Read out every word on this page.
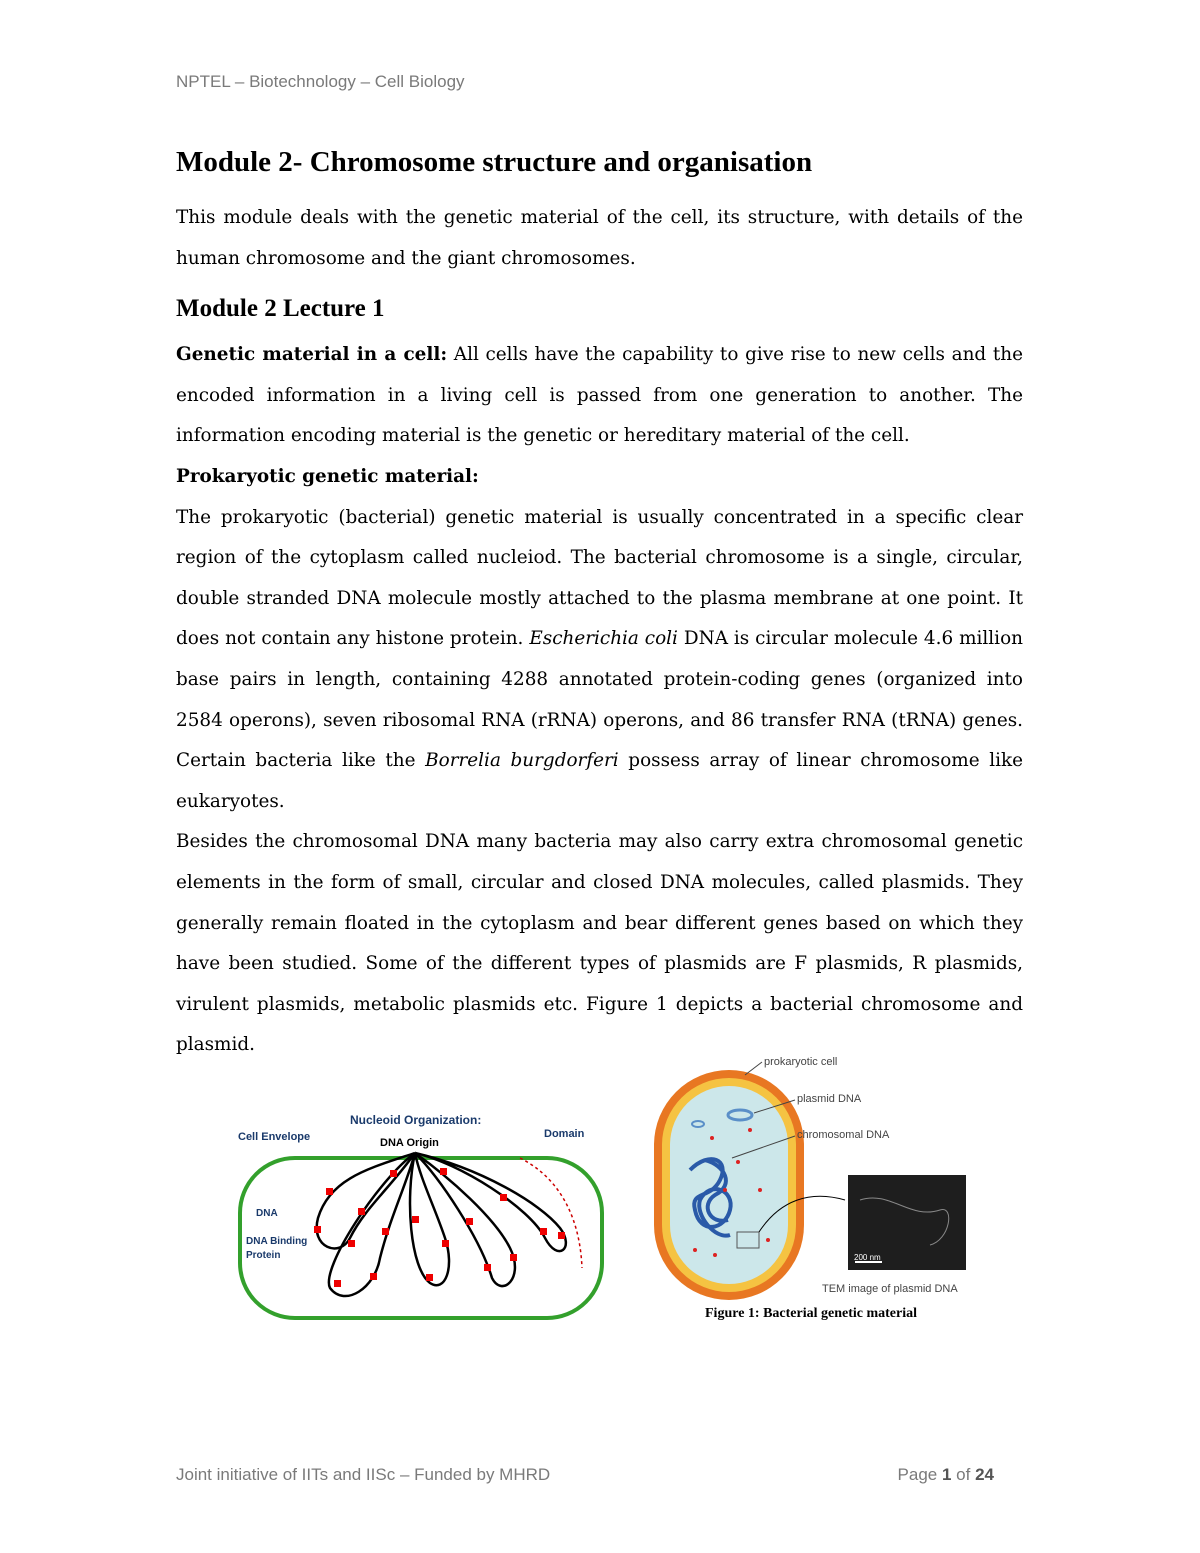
NPTEL – Biotechnology – Cell Biology
Module 2- Chromosome structure and organisation

This module deals with the genetic material of the cell, its structure, with details of the human chromosome and the giant chromosomes.

Module 2 Lecture 1

Genetic material in a cell: All cells have the capability to give rise to new cells and the encoded information in a living cell is passed from one generation to another. The information encoding material is the genetic or hereditary material of the cell.

Prokaryotic genetic material:

The prokaryotic (bacterial) genetic material is usually concentrated in a specific clear region of the cytoplasm called nucleiod. The bacterial chromosome is a single, circular, double stranded DNA molecule mostly attached to the plasma membrane at one point. It does not contain any histone protein. Escherichia coli DNA is circular molecule 4.6 million base pairs in length, containing 4288 annotated protein-coding genes (organized into 2584 operons), seven ribosomal RNA (rRNA) operons, and 86 transfer RNA (tRNA) genes. Certain bacteria like the Borrelia burgdorferi possess array of linear chromosome like eukaryotes.

Besides the chromosomal DNA many bacteria may also carry extra chromosomal genetic elements in the form of small, circular and closed DNA molecules, called plasmids. They generally remain floated in the cytoplasm and bear different genes based on which they have been studied. Some of the different types of plasmids are F plasmids, R plasmids, virulent plasmids, metabolic plasmids etc. Figure 1 depicts a bacterial chromosome and plasmid.

Nucleoid Organization:
Cell Envelope	DNA Origin
Domain
DNA
DNA Binding
Protein	200 nm
prokaryotic cell
plasmid DNA
chromosomal DNA
TEM image of plasmid DNA
Figure 1: Bacterial genetic material
Joint initiative of IITs and IISc – Funded by MHRD	Page 1 of 24
